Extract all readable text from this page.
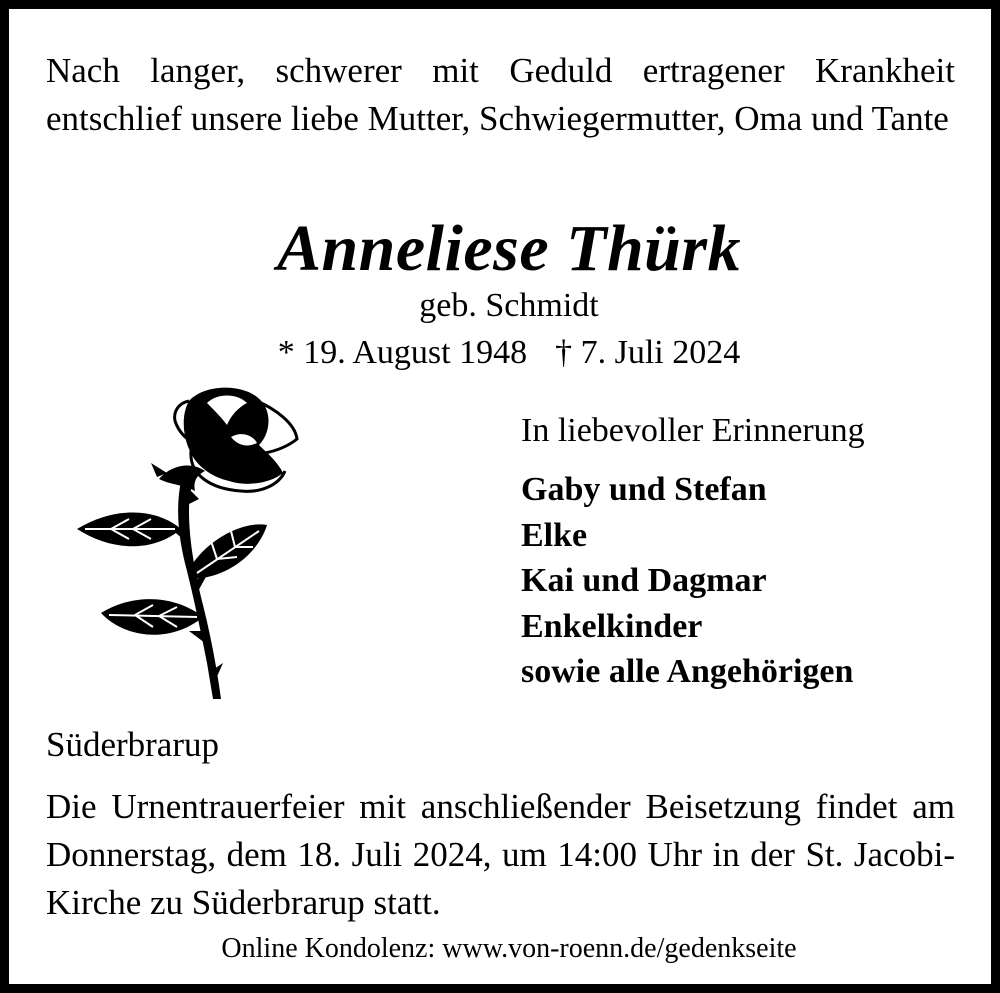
Nach langer, schwerer mit Geduld ertragener Krankheit entschlief unsere liebe Mutter, Schwiegermutter, Oma und Tante

Anneliese Thürk
geb. Schmidt
* 19. August 1948 † 7. Juli 2024
In liebevoller Erinnerung
Gaby und Stefan
Elke
Kai und Dagmar
Enkelkinder
sowie alle Angehörigen
Süderbrarup

Die Urnentrauerfeier mit anschließender Beisetzung findet am Donnerstag, dem 18. Juli 2024, um 14:00 Uhr in der St. Jacobi-Kirche zu Süderbrarup statt.

Online Kondolenz: www.von-roenn.de/gedenkseite
